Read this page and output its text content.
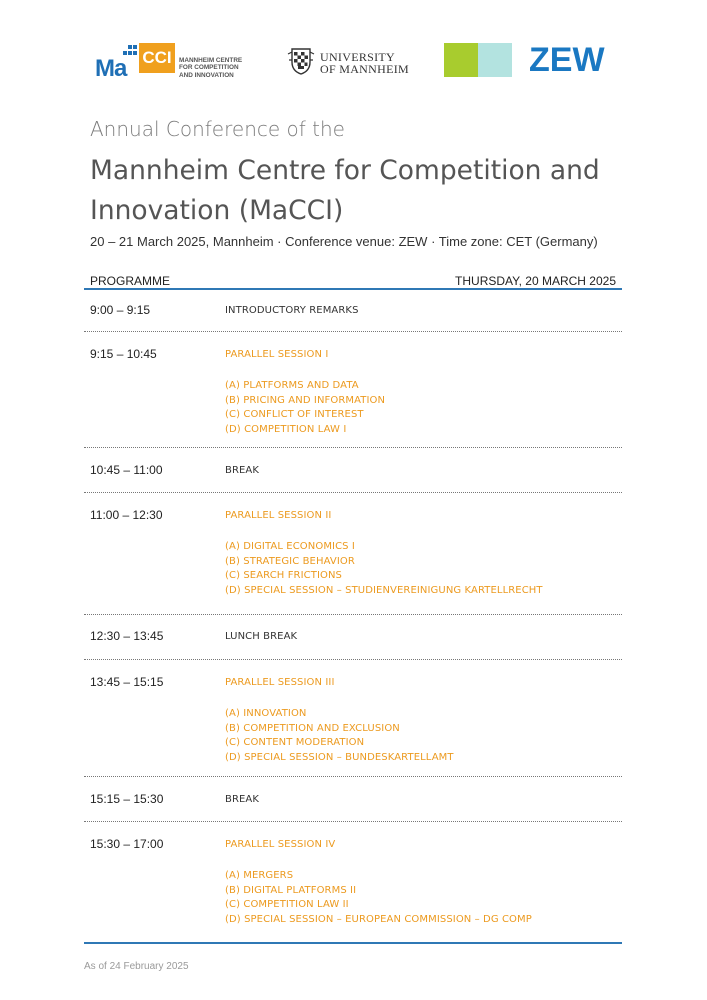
Ma CCI	MANNHEIM CENTRE
FOR COMPETITION
AND INNOVATION
UNIVERSITY
OF MANNHEIM	ZEW
Annual Conference of the
Mannheim Centre for Competition and Innovation (MaCCI)
20 – 21 March 2025, Mannheim · Conference venue: ZEW · Time zone: CET (Germany)
PROGRAMME	THURSDAY, 20 MARCH 2025
9:00 – 9:15	INTRODUCTORY REMARKS
9:15 – 10:45	PARALLEL SESSION I
(A) PLATFORMS AND DATA
(B) PRICING AND INFORMATION
(C) CONFLICT OF INTEREST
(D) COMPETITION LAW I
10:45 – 11:00	BREAK
11:00 – 12:30	PARALLEL SESSION II
(A) DIGITAL ECONOMICS I
(B) STRATEGIC BEHAVIOR
(C) SEARCH FRICTIONS
(D) SPECIAL SESSION – STUDIENVEREINIGUNG KARTELLRECHT
12:30 – 13:45	LUNCH BREAK
13:45 – 15:15	PARALLEL SESSION III
(A) INNOVATION
(B) COMPETITION AND EXCLUSION
(C) CONTENT MODERATION
(D) SPECIAL SESSION – BUNDESKARTELLAMT
15:15 – 15:30	BREAK
15:30 – 17:00	PARALLEL SESSION IV
(A) MERGERS
(B) DIGITAL PLATFORMS II
(C) COMPETITION LAW II
(D) SPECIAL SESSION – EUROPEAN COMMISSION – DG COMP
As of 24 February 2025
